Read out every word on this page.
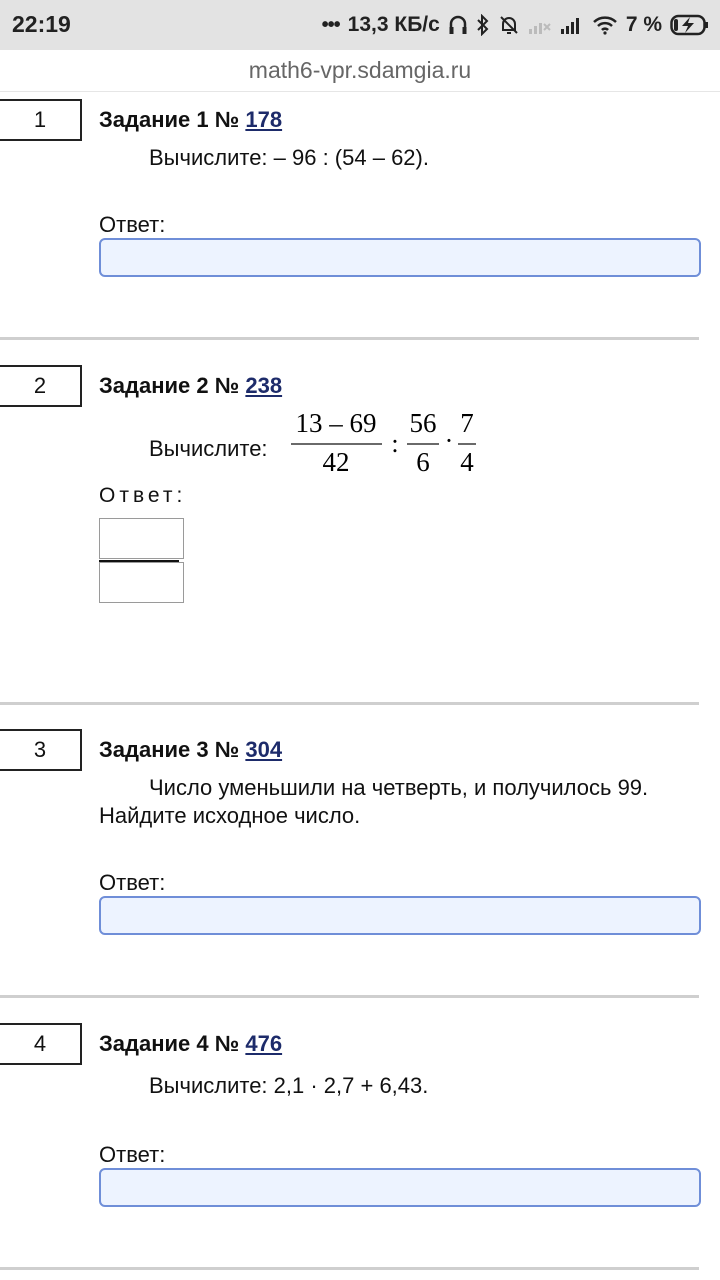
22:19	••• 13,3 КБ/с	7 %
math6-vpr.sdamgia.ru
1	Задание 1 № 178
Вычислите: – 96 : (54 – 62).
Ответ:
2	Задание 2 № 238
Вычислите:
13 – 69
42
:
56
6
·
7
4
Ответ:
3	Задание 3 № 304
Число уменьшили на четверть, и получилось 99.
Найдите исходное число.
Ответ:
4	Задание 4 № 476
Вычислите: 2,1 · 2,7 + 6,43.
Ответ:
